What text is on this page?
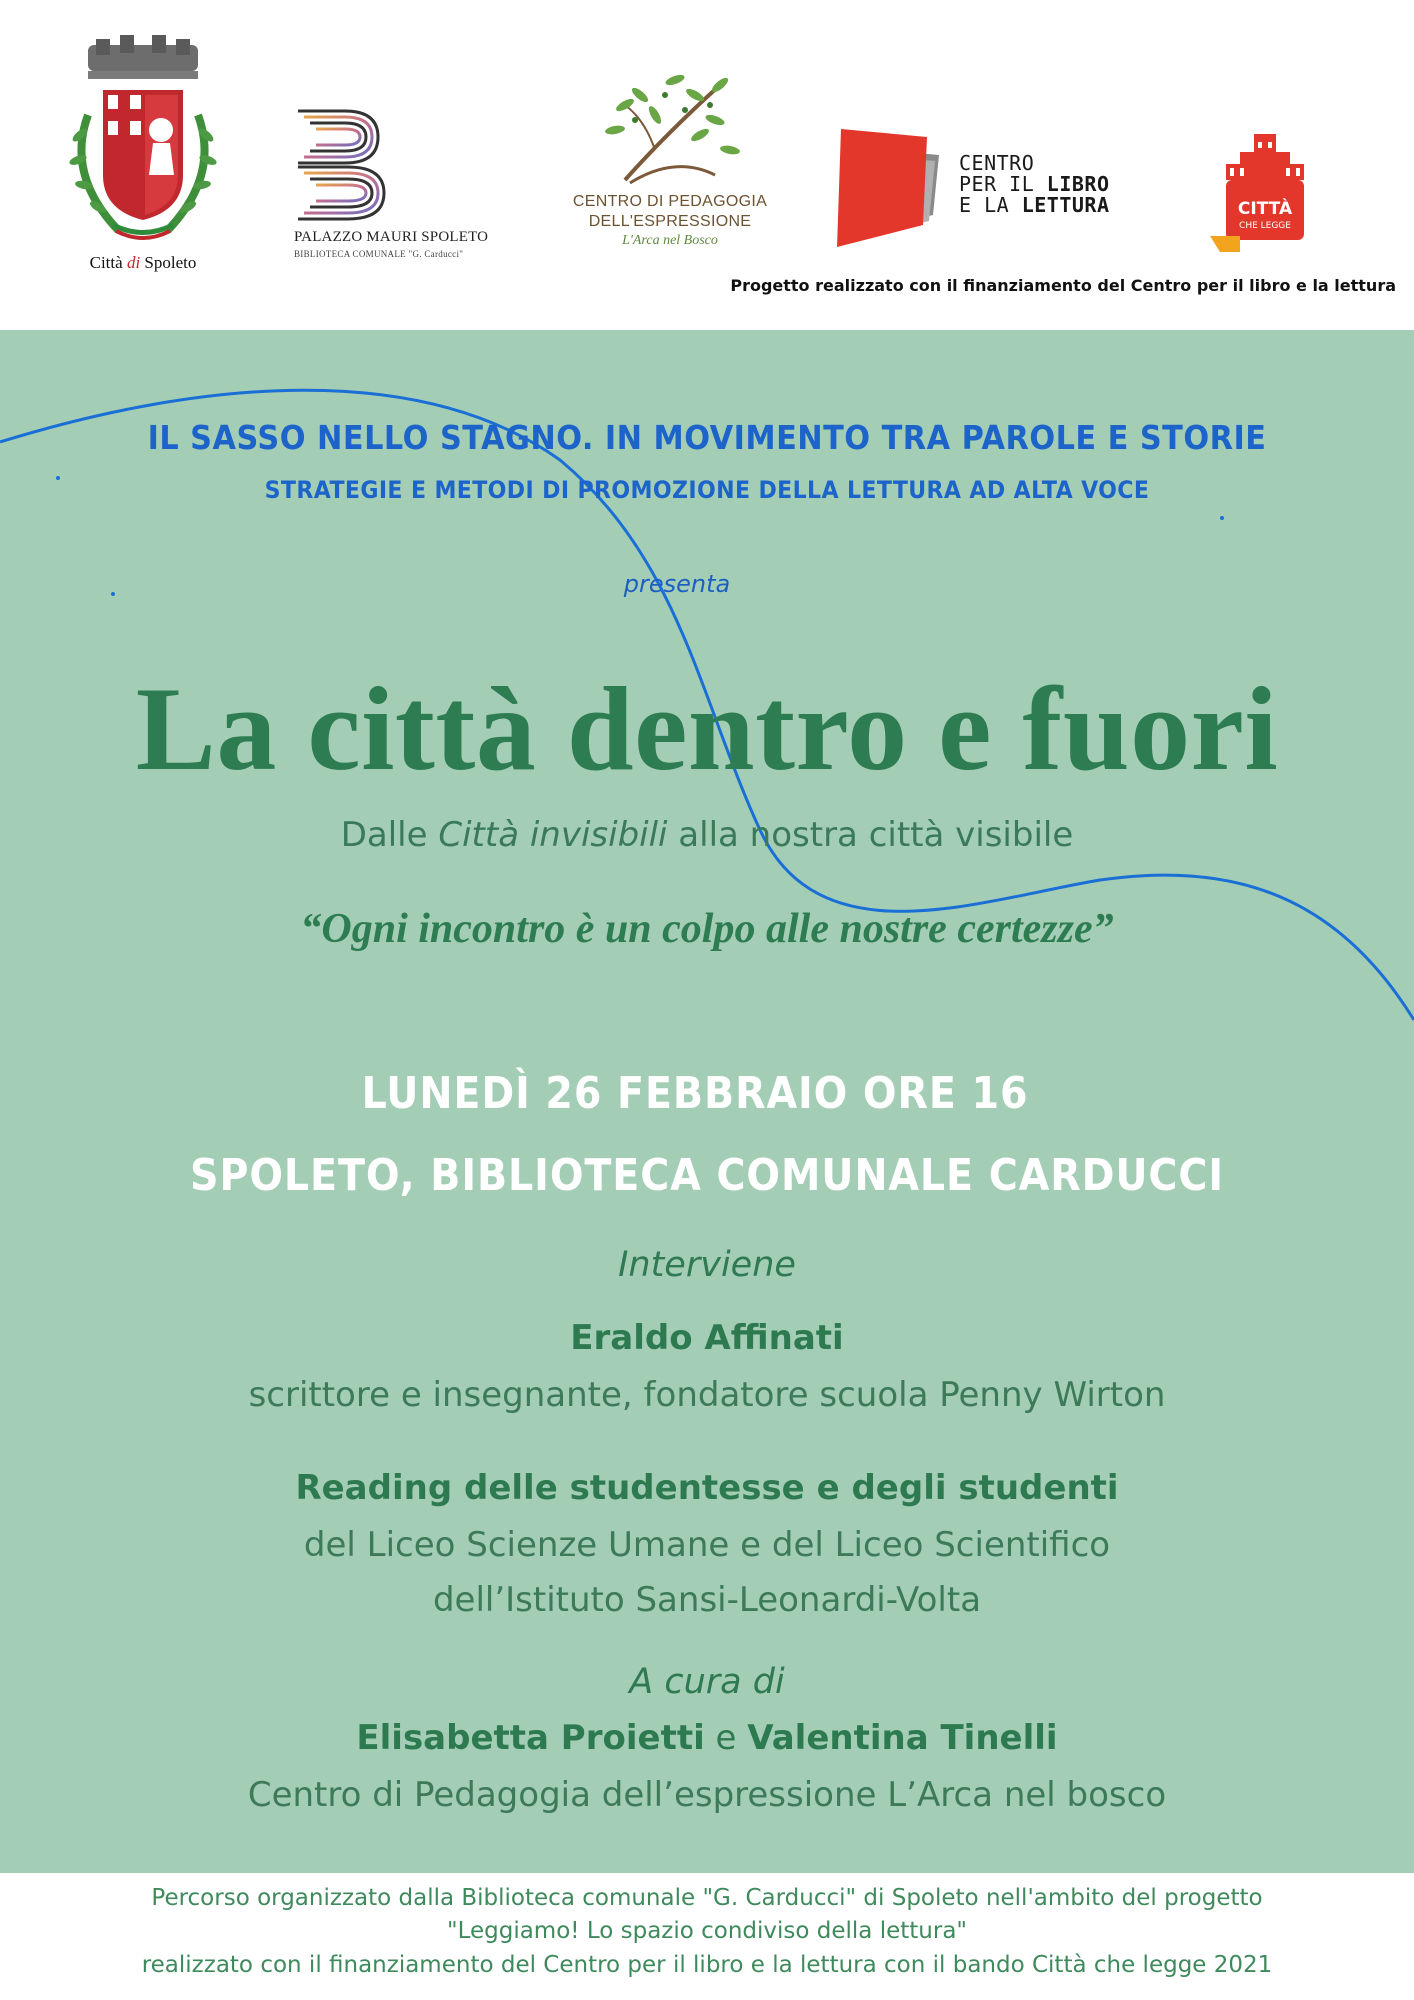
Città di Spoleto
PALAZZO MAURI SPOLETO
BIBLIOTECA COMUNALE "G. Carducci"
CENTRO DI PEDAGOGIA
DELL'ESPRESSIONE
L'Arca nel Bosco
CENTRO
PER IL LIBRO
E LA LETTURA	CITTÀ
CHE LEGGE
Progetto realizzato con il finanziamento del Centro per il libro e la lettura
IL SASSO NELLO STAGNO. IN MOVIMENTO TRA PAROLE E STORIE
STRATEGIE E METODI DI PROMOZIONE DELLA LETTURA AD ALTA VOCE
presenta
La città dentro e fuori
Dalle Città invisibili alla nostra città visibile
“Ogni incontro è un colpo alle nostre certezze”
LUNEDÌ 26 FEBBRAIO ORE 16
SPOLETO, BIBLIOTECA COMUNALE CARDUCCI
Interviene
Eraldo Affinati
scrittore e insegnante, fondatore scuola Penny Wirton
Reading delle studentesse e degli studenti
del Liceo Scienze Umane e del Liceo Scientifico
dell’Istituto Sansi-Leonardi-Volta
A cura di
Elisabetta Proietti e Valentina Tinelli
Centro di Pedagogia dell’espressione L’Arca nel bosco
Percorso organizzato dalla Biblioteca comunale "G. Carducci" di Spoleto nell'ambito del progetto
"Leggiamo! Lo spazio condiviso della lettura"
realizzato con il finanziamento del Centro per il libro e la lettura con il bando Città che legge 2021
